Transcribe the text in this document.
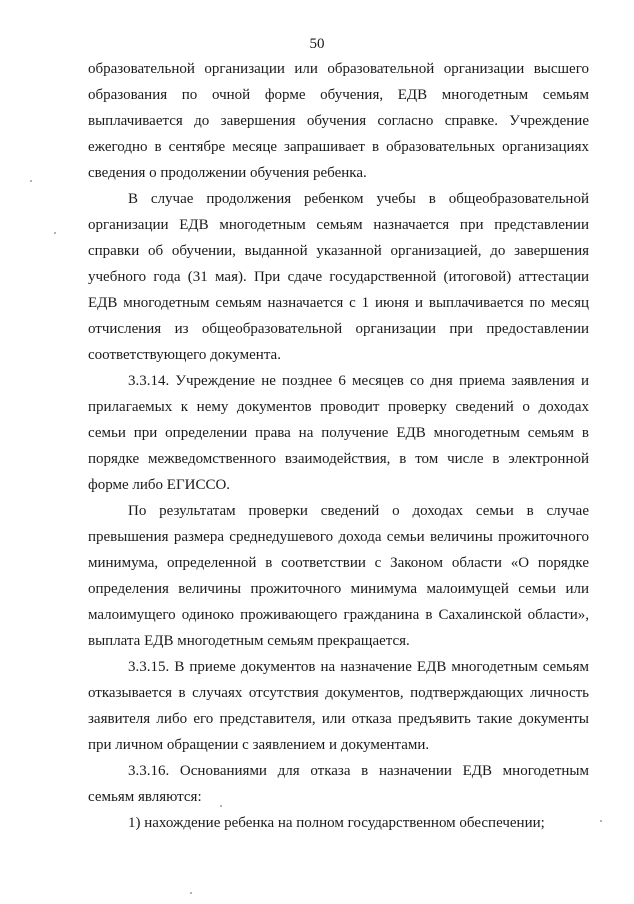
50

образовательной организации или образовательной организации высшего образования по очной форме обучения, ЕДВ многодетным семьям выплачивается до завершения обучения согласно справке. Учреждение ежегодно в сентябре месяце запрашивает в образовательных организациях сведения о продолжении обучения ребенка.

В случае продолжения ребенком учебы в общеобразовательной организации ЕДВ многодетным семьям назначается при представлении справки об обучении, выданной указанной организацией, до завершения учебного года (31 мая). При сдаче государственной (итоговой) аттестации ЕДВ многодетным семьям назначается с 1 июня и выплачивается по месяц отчисления из общеобразовательной организации при предоставлении соответствующего документа.

3.3.14. Учреждение не позднее 6 месяцев со дня приема заявления и прилагаемых к нему документов проводит проверку сведений о доходах семьи при определении права на получение ЕДВ многодетным семьям в порядке межведомственного взаимодействия, в том числе в электронной форме либо ЕГИССО.

По результатам проверки сведений о доходах семьи в случае превышения размера среднедушевого дохода семьи величины прожиточного минимума, определенной в соответствии с Законом области «О порядке определения величины прожиточного минимума малоимущей семьи или малоимущего одиноко проживающего гражданина в Сахалинской области», выплата ЕДВ многодетным семьям прекращается.

3.3.15. В приеме документов на назначение ЕДВ многодетным семьям отказывается в случаях отсутствия документов, подтверждающих личность заявителя либо его представителя, или отказа предъявить такие документы при личном обращении с заявлением и документами.

3.3.16. Основаниями для отказа в назначении ЕДВ многодетным семьям являются:

1) нахождение ребенка на полном государственном обеспечении;
